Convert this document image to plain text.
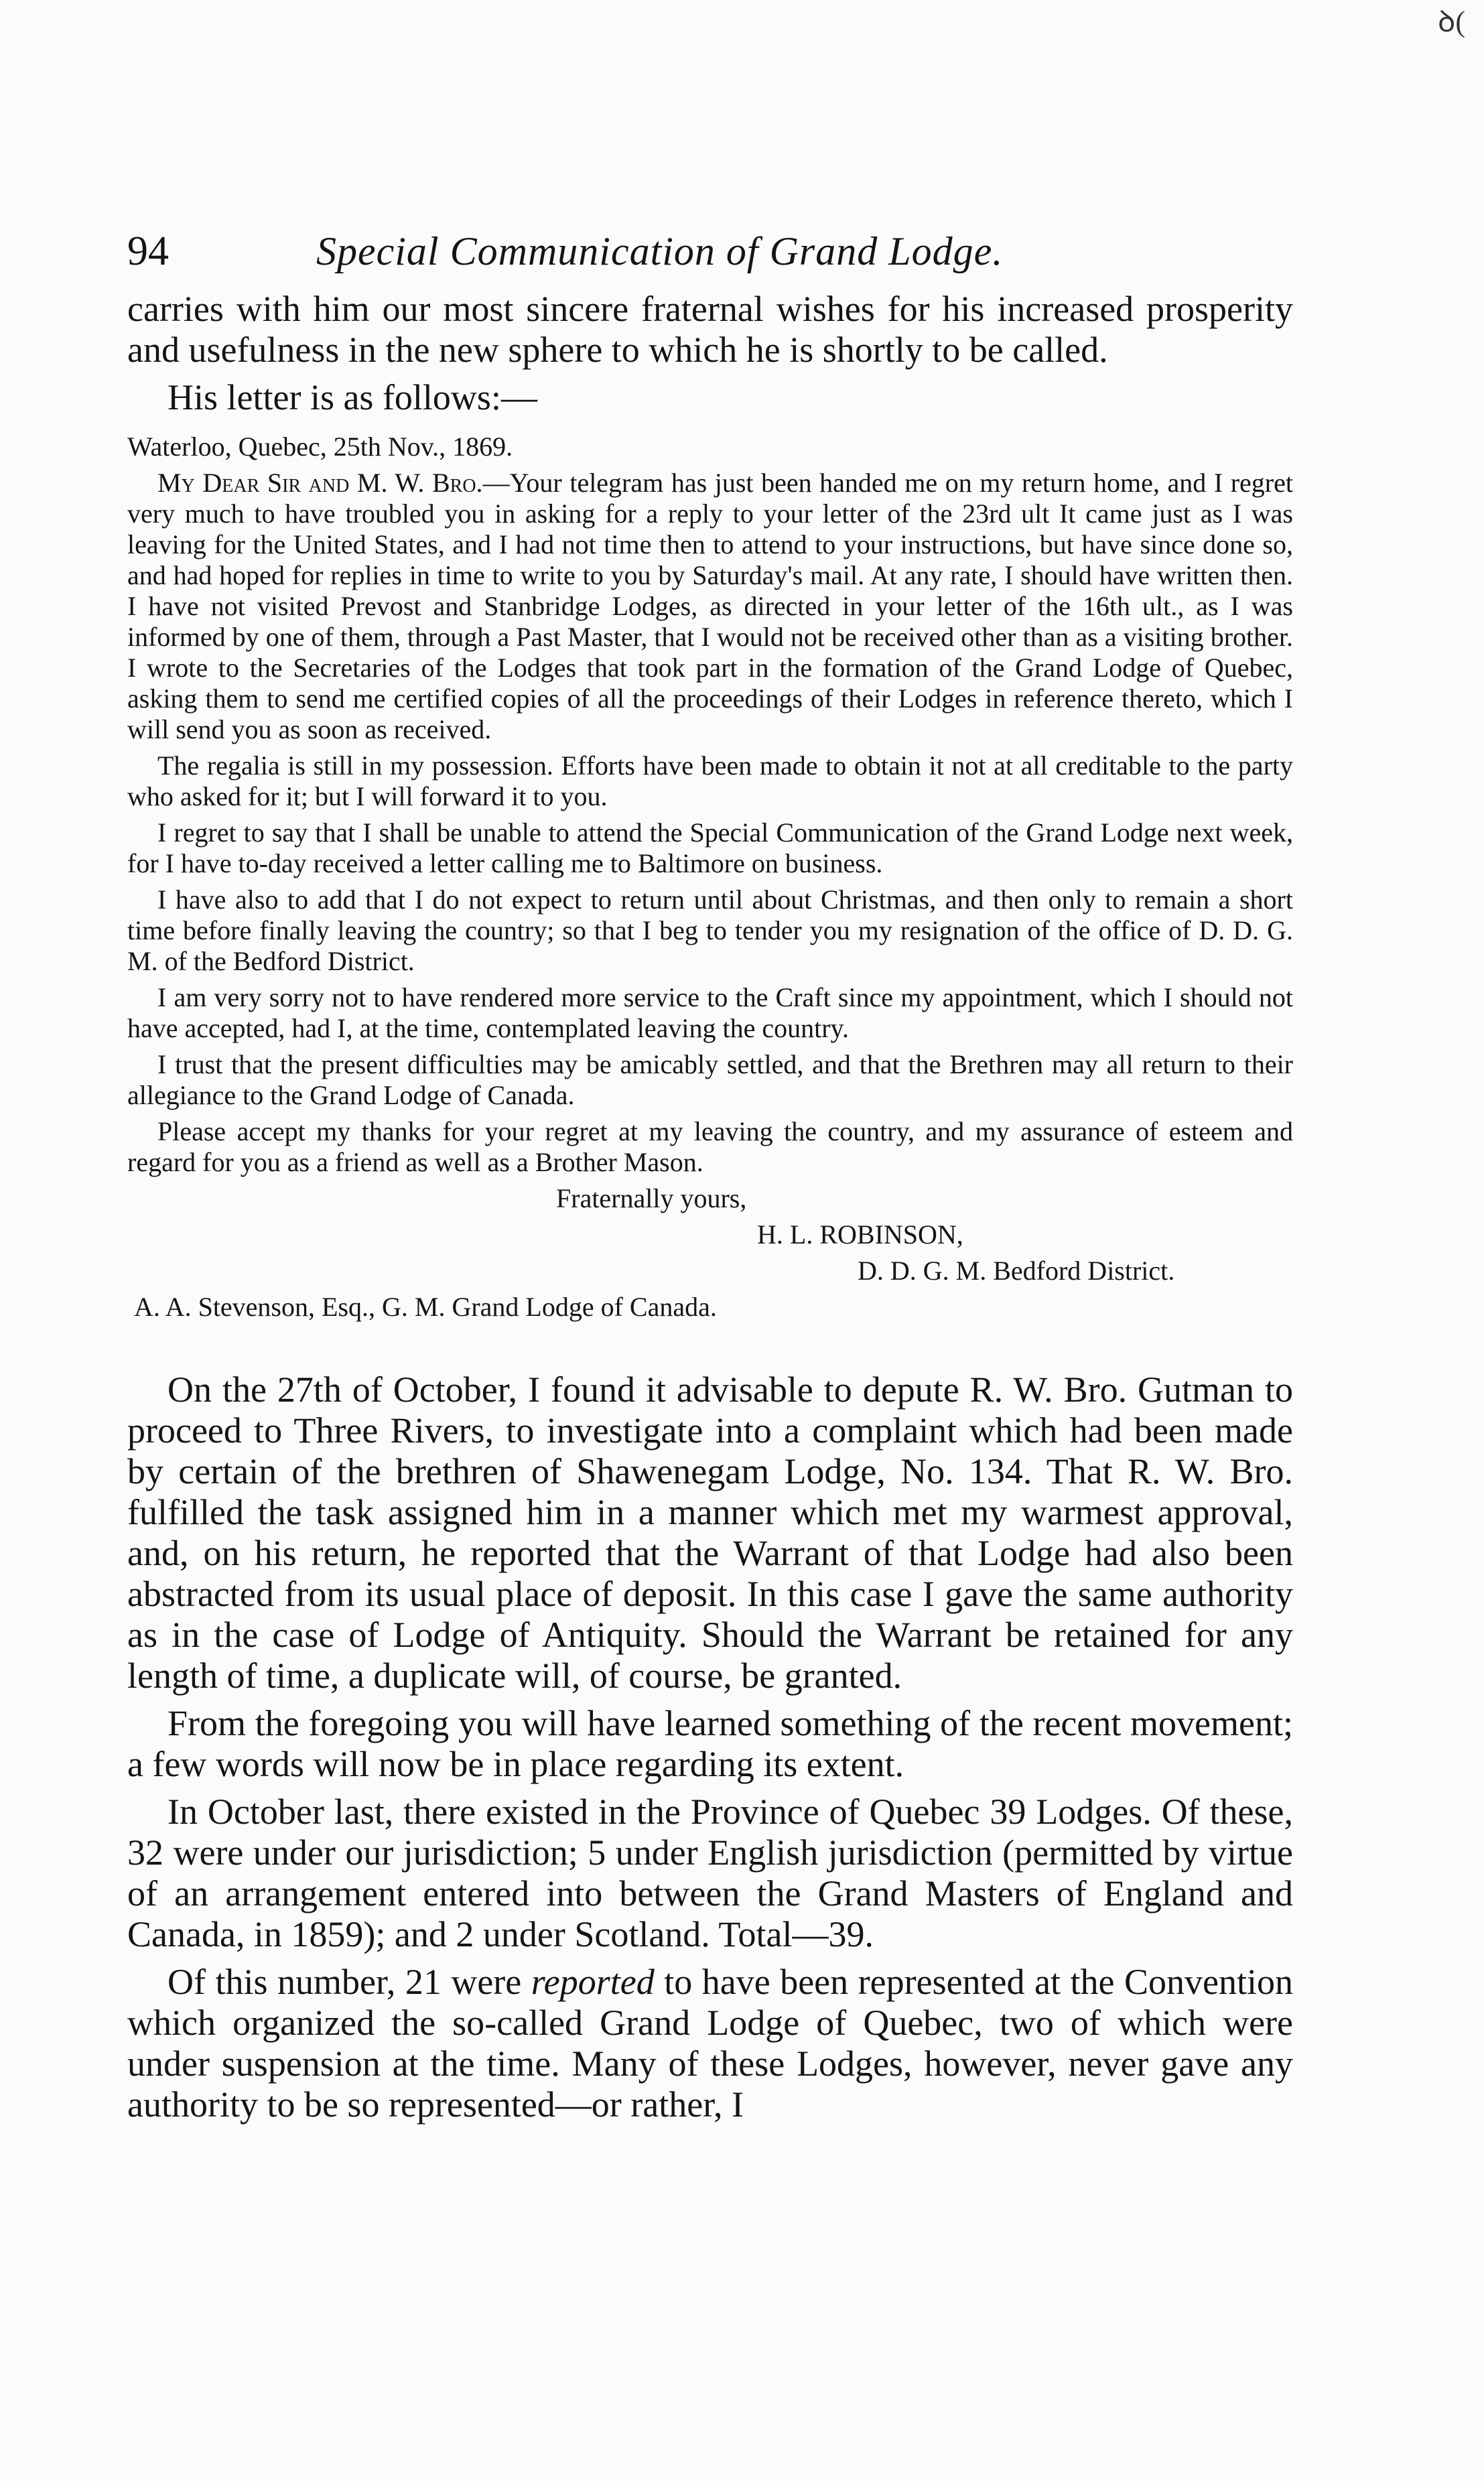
ꝺ(
94	Special Communication of Grand Lodge.

carries with him our most sincere fraternal wishes for his increased prosperity and usefulness in the new sphere to which he is shortly to be called.

His letter is as follows:—

Waterloo, Quebec, 25th Nov., 1869.

My Dear Sir and M. W. Bro.—Your telegram has just been handed me on my return home, and I regret very much to have troubled you in asking for a reply to your letter of the 23rd ult It came just as I was leaving for the United States, and I had not time then to attend to your instructions, but have since done so, and had hoped for replies in time to write to you by Saturday's mail. At any rate, I should have written then. I have not visited Prevost and Stanbridge Lodges, as directed in your letter of the 16th ult., as I was informed by one of them, through a Past Master, that I would not be received other than as a visiting brother. I wrote to the Secretaries of the Lodges that took part in the formation of the Grand Lodge of Quebec, asking them to send me certified copies of all the proceedings of their Lodges in reference thereto, which I will send you as soon as received.

The regalia is still in my possession. Efforts have been made to obtain it not at all creditable to the party who asked for it; but I will forward it to you.

I regret to say that I shall be unable to attend the Special Communication of the Grand Lodge next week, for I have to-day received a letter calling me to Baltimore on business.

I have also to add that I do not expect to return until about Christmas, and then only to remain a short time before finally leaving the country; so that I beg to tender you my resignation of the office of D. D. G. M. of the Bedford District.

I am very sorry not to have rendered more service to the Craft since my appointment, which I should not have accepted, had I, at the time, contemplated leaving the country.

I trust that the present difficulties may be amicably settled, and that the Brethren may all return to their allegiance to the Grand Lodge of Canada.

Please accept my thanks for your regret at my leaving the country, and my assurance of esteem and regard for you as a friend as well as a Brother Mason.

Fraternally yours,

H. L. ROBINSON,

D. D. G. M. Bedford District.

A. A. Stevenson, Esq., G. M. Grand Lodge of Canada.

On the 27th of October, I found it advisable to depute R. W. Bro. Gutman to proceed to Three Rivers, to investigate into a complaint which had been made by certain of the brethren of Shawenegam Lodge, No. 134. That R. W. Bro. fulfilled the task assigned him in a manner which met my warmest approval, and, on his return, he reported that the Warrant of that Lodge had also been abstracted from its usual place of deposit. In this case I gave the same authority as in the case of Lodge of Antiquity. Should the Warrant be retained for any length of time, a duplicate will, of course, be granted.

From the foregoing you will have learned something of the recent movement; a few words will now be in place regarding its extent.

In October last, there existed in the Province of Quebec 39 Lodges. Of these, 32 were under our jurisdiction; 5 under English jurisdiction (permitted by virtue of an arrangement entered into between the Grand Masters of England and Canada, in 1859); and 2 under Scotland. Total—39.

Of this number, 21 were reported to have been represented at the Convention which organized the so-called Grand Lodge of Quebec, two of which were under suspension at the time. Many of these Lodges, however, never gave any authority to be so represented—or rather, I
